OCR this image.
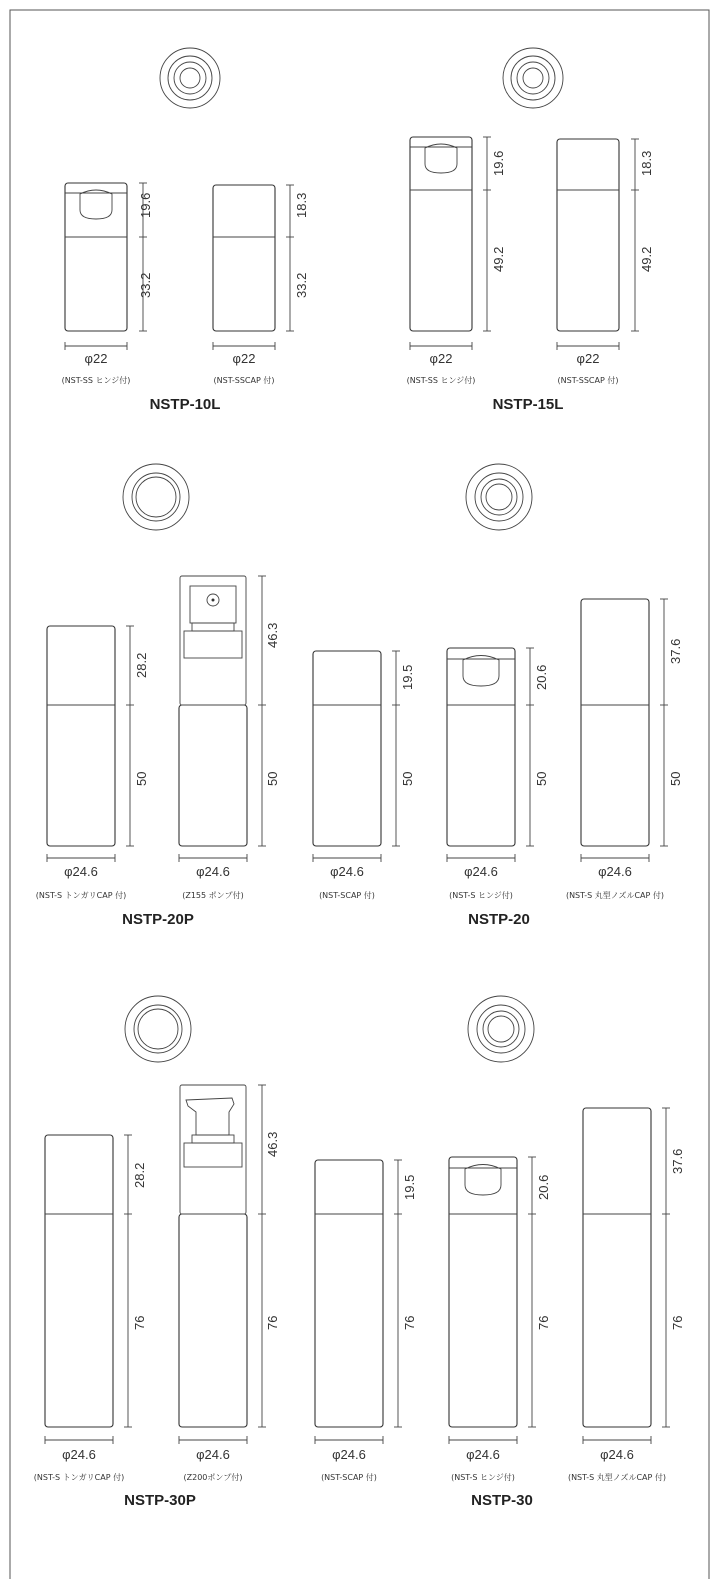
19.6
33.2
φ22
(NST-SS ヒンジ付)
18.3
33.2
φ22
(NST-SSCAP 付)
NSTP-10L
19.6
49.2
φ22
(NST-SS ヒンジ付)
18.3
49.2
φ22
(NST-SSCAP 付)
NSTP-15L
28.2
50
φ24.6
(NST-S トンガリCAP 付)
46.3
50
φ24.6
(Z155 ポンプ付)
NSTP-20P
19.5
50
φ24.6
(NST-SCAP 付)
20.6
50
φ24.6
(NST-S ヒンジ付)
37.6
50
φ24.6
(NST-S 丸型ノズルCAP 付)
NSTP-20
28.2
76
φ24.6
(NST-S トンガリCAP 付)
46.3
76
φ24.6
(Z200ポンプ付)
NSTP-30P
19.5
76
φ24.6
(NST-SCAP 付)
20.6
76
φ24.6
(NST-S ヒンジ付)
37.6
76
φ24.6
(NST-S 丸型ノズルCAP 付)
NSTP-30
